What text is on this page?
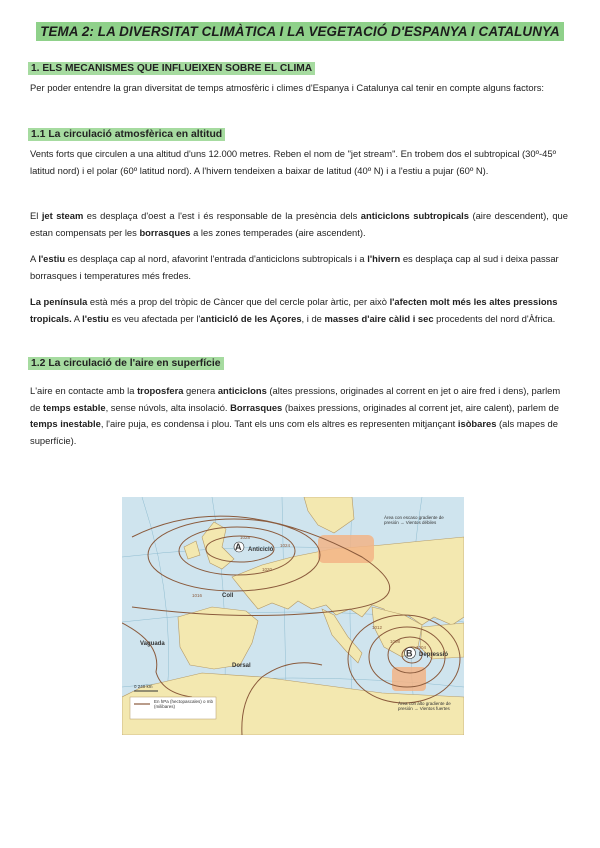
TEMA 2: LA DIVERSITAT CLIMÀTICA I LA VEGETACIÓ D'ESPANYA I CATALUNYA
1. ELS MECANISMES QUE INFLUEIXEN SOBRE EL CLIMA
Per poder entendre la gran diversitat de temps atmosfèric i climes d'Espanya i Catalunya cal tenir en compte alguns factors:
1.1 La circulació atmosfèrica en altitud
Vents forts que circulen a una altitud d'uns 12.000 metres. Reben el nom de "jet stream". En trobem dos el subtropical (30º-45º latitud nord) i el polar (60º latitud nord). A l'hivern tendeixen a baixar de latitud (40º N) i a l'estiu a pujar (60º N).
El jet steam es desplaça d'oest a l'est i és responsable de la presència dels anticiclons subtropicals (aire descendent), que estan compensats per les borrasques a les zones temperades (aire ascendent).
A l'estiu es desplaça cap al nord, afavorint l'entrada d'anticiclons subtropicals i a l'hivern es desplaça cap al sud i deixa passar borrasques i temperatures més fredes.
La península està més a prop del tròpic de Càncer que del cercle polar àrtic, per això l'afecten molt més les altes pressions tropicals. A l'estiu es veu afectada per l'anticicló de les Açores, i de masses d'aire càlid i sec procedents del nord d'Àfrica.
1.2 La circulació de l'aire en superfície
L'aire en contacte amb la troposfera genera anticiclons (altes pressions, originades al corrent en jet o aire fred i dens), parlem de temps estable, sense núvols, alta insolació. Borrasques (baixes pressions, originades al corrent jet, aire calent), parlem de temps inestable, l'aire puja, es condensa i plou. Tant els uns com els altres es representen mitjançant isòbares (als mapes de superfície).
1028
1024
1020
1016
1012
1008
1004
A Anticicló
B Depressió
Coll
Vaguada
Dorsal
Àrea con escaso gradiente de presión → Vientos débiles
Àrea con alto gradiente de presión → Vientos fuertes
En hPa (hectopascales) o mb (milibares)
0 240 km
